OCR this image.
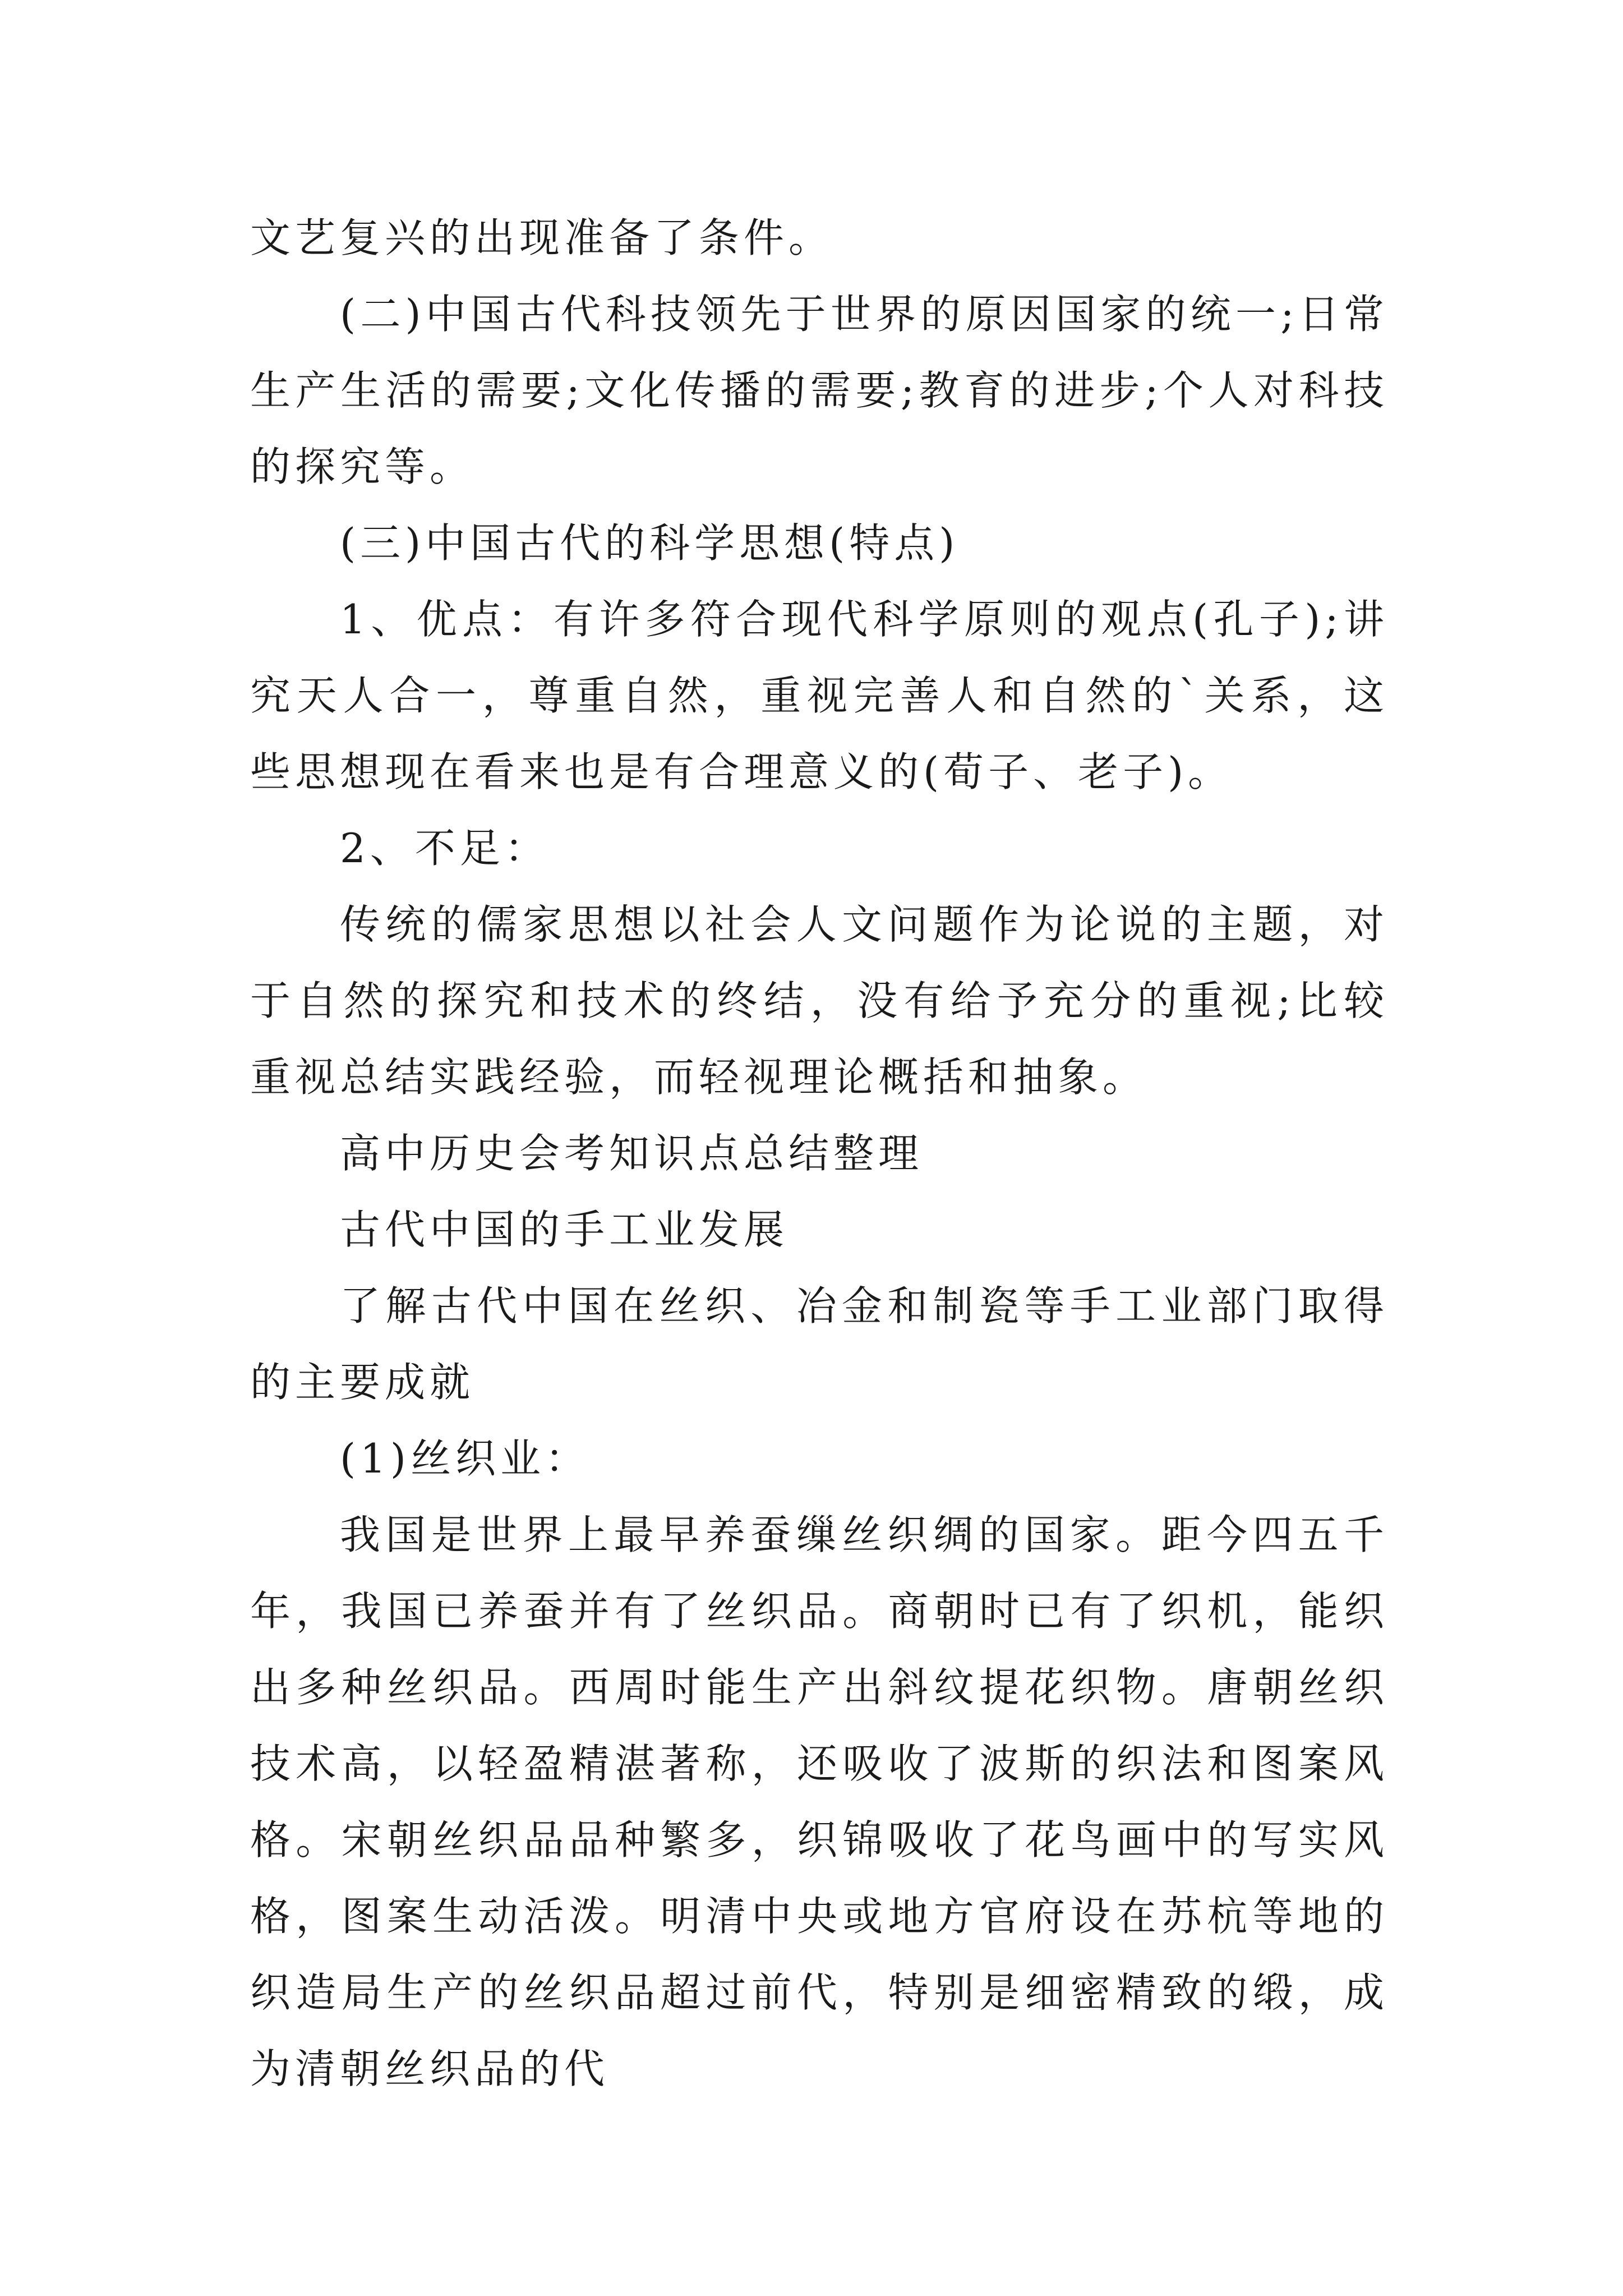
文艺复兴的出现准备了条件。

(二)中国古代科技领先于世界的原因国家的统一;日常生产生活的需要;文化传播的需要;教育的进步;个人对科技的探究等。

(三)中国古代的科学思想(特点)

1、优点：有许多符合现代科学原则的观点(孔子);讲究天人合一，尊重自然，重视完善人和自然的`关系，这些思想现在看来也是有合理意义的(荀子、老子)。

2、不足：

传统的儒家思想以社会人文问题作为论说的主题，对于自然的探究和技术的终结，没有给予充分的重视;比较重视总结实践经验，而轻视理论概括和抽象。

高中历史会考知识点总结整理

古代中国的手工业发展

了解古代中国在丝织、冶金和制瓷等手工业部门取得的主要成就

(1)丝织业：

我国是世界上最早养蚕缫丝织绸的国家。距今四五千年，我国已养蚕并有了丝织品。商朝时已有了织机，能织出多种丝织品。西周时能生产出斜纹提花织物。唐朝丝织技术高，以轻盈精湛著称，还吸收了波斯的织法和图案风格。宋朝丝织品品种繁多，织锦吸收了花鸟画中的写实风格，图案生动活泼。明清中央或地方官府设在苏杭等地的织造局生产的丝织品超过前代，特别是细密精致的缎，成为清朝丝织品的代
